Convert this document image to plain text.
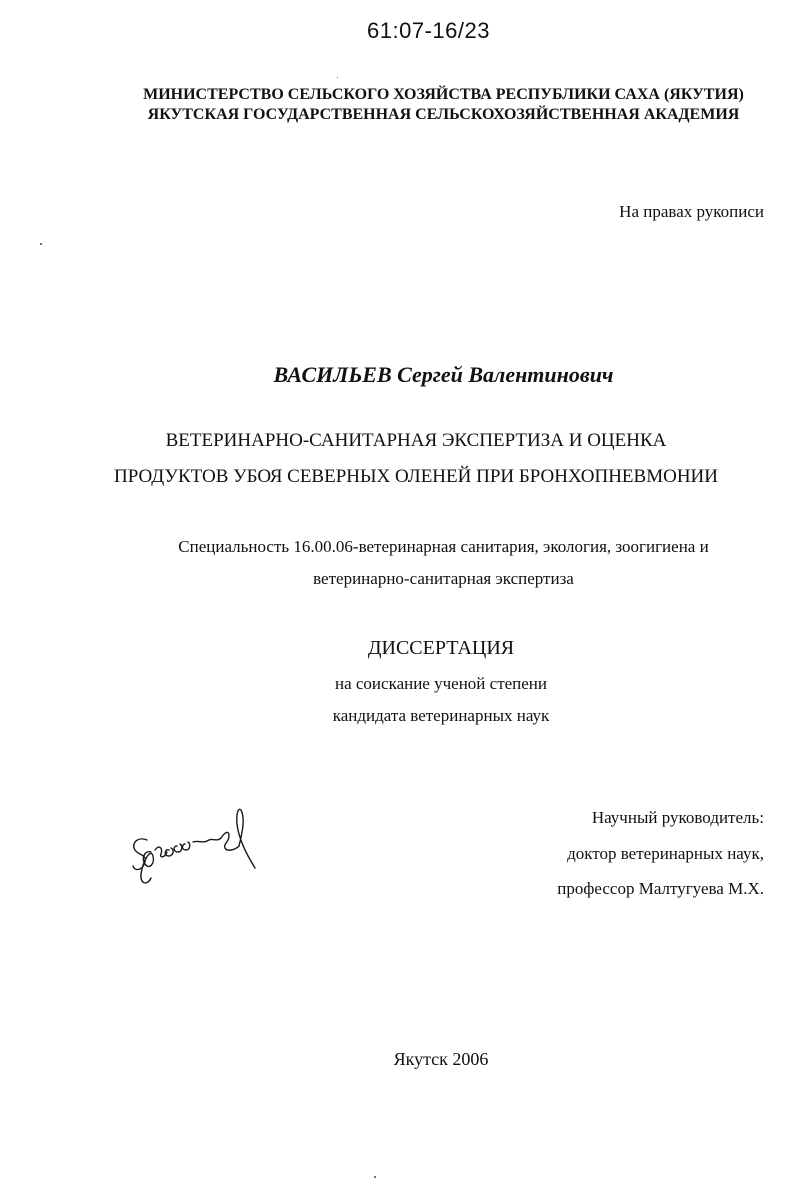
61:07-16/23
МИНИСТЕРСТВО СЕЛЬСКОГО ХОЗЯЙСТВА РЕСПУБЛИКИ САХА (ЯКУТИЯ)
ЯКУТСКАЯ ГОСУДАРСТВЕННАЯ СЕЛЬСКОХОЗЯЙСТВЕННАЯ АКАДЕМИЯ
На правах рукописи
ВАСИЛЬЕВ Сергей Валентинович
ВЕТЕРИНАРНО-САНИТАРНАЯ ЭКСПЕРТИЗА И ОЦЕНКА
ПРОДУКТОВ УБОЯ СЕВЕРНЫХ ОЛЕНЕЙ ПРИ БРОНХОПНЕВМОНИИ
Специальность 16.00.06-ветеринарная санитария, экология, зоогигиена и
ветеринарно-санитарная экспертиза
ДИССЕРТАЦИЯ
на соискание ученой степени
кандидата ветеринарных наук
Научный руководитель:
доктор ветеринарных наук,
профессор Малтугуева М.Х.
Якутск 2006
